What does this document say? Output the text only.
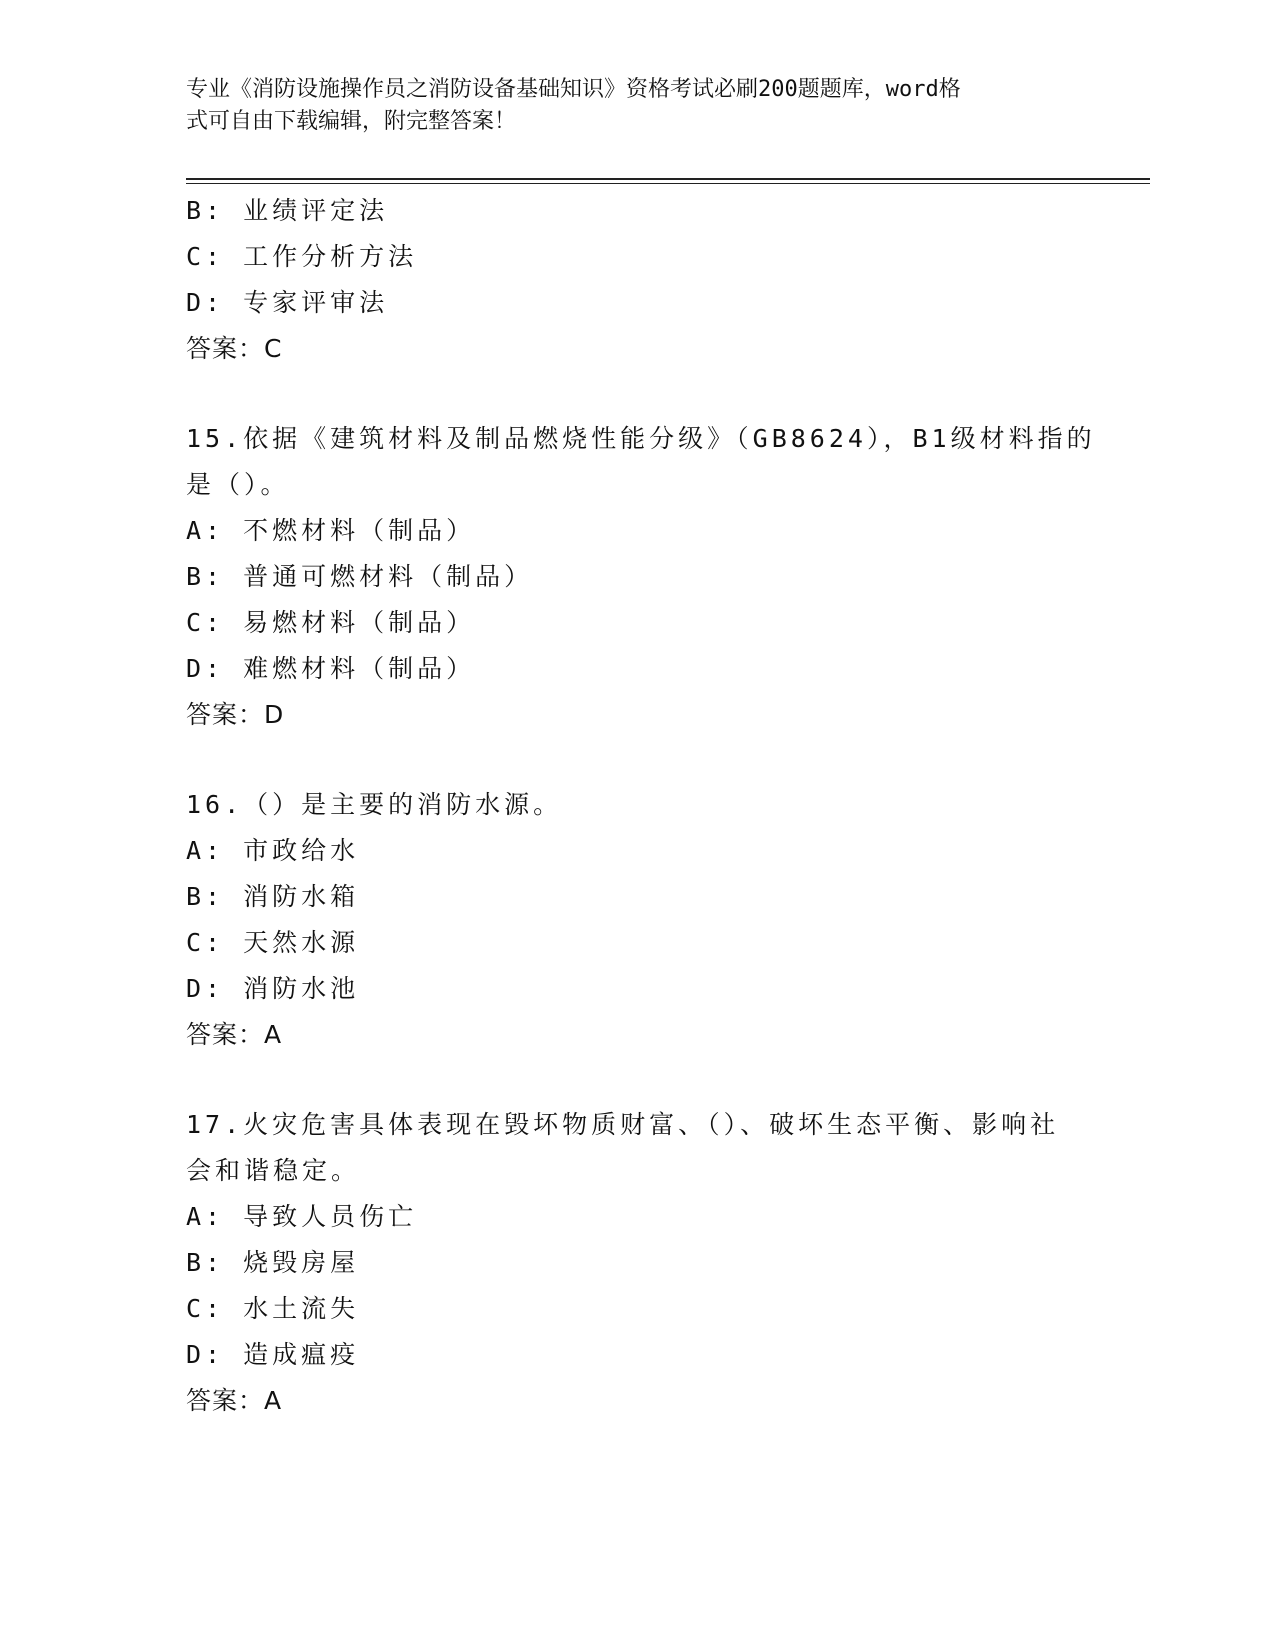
专业《消防设施操作员之消防设备基础知识》资格考试必刷200题题库，word格
式可自由下载编辑，附完整答案！
B: 业绩评定法
C: 工作分析方法
D: 专家评审法
答案：C
15.依据《建筑材料及制品燃烧性能分级》（GB8624），B1级材料指的
是（）。
A: 不燃材料（制品）
B: 普通可燃材料（制品）
C: 易燃材料（制品）
D: 难燃材料（制品）
答案：D
16.（）是主要的消防水源。
A: 市政给水
B: 消防水箱
C: 天然水源
D: 消防水池
答案：A
17.火灾危害具体表现在毁坏物质财富、（）、破坏生态平衡、影响社
会和谐稳定。
A: 导致人员伤亡
B: 烧毁房屋
C: 水土流失
D: 造成瘟疫
答案：A
